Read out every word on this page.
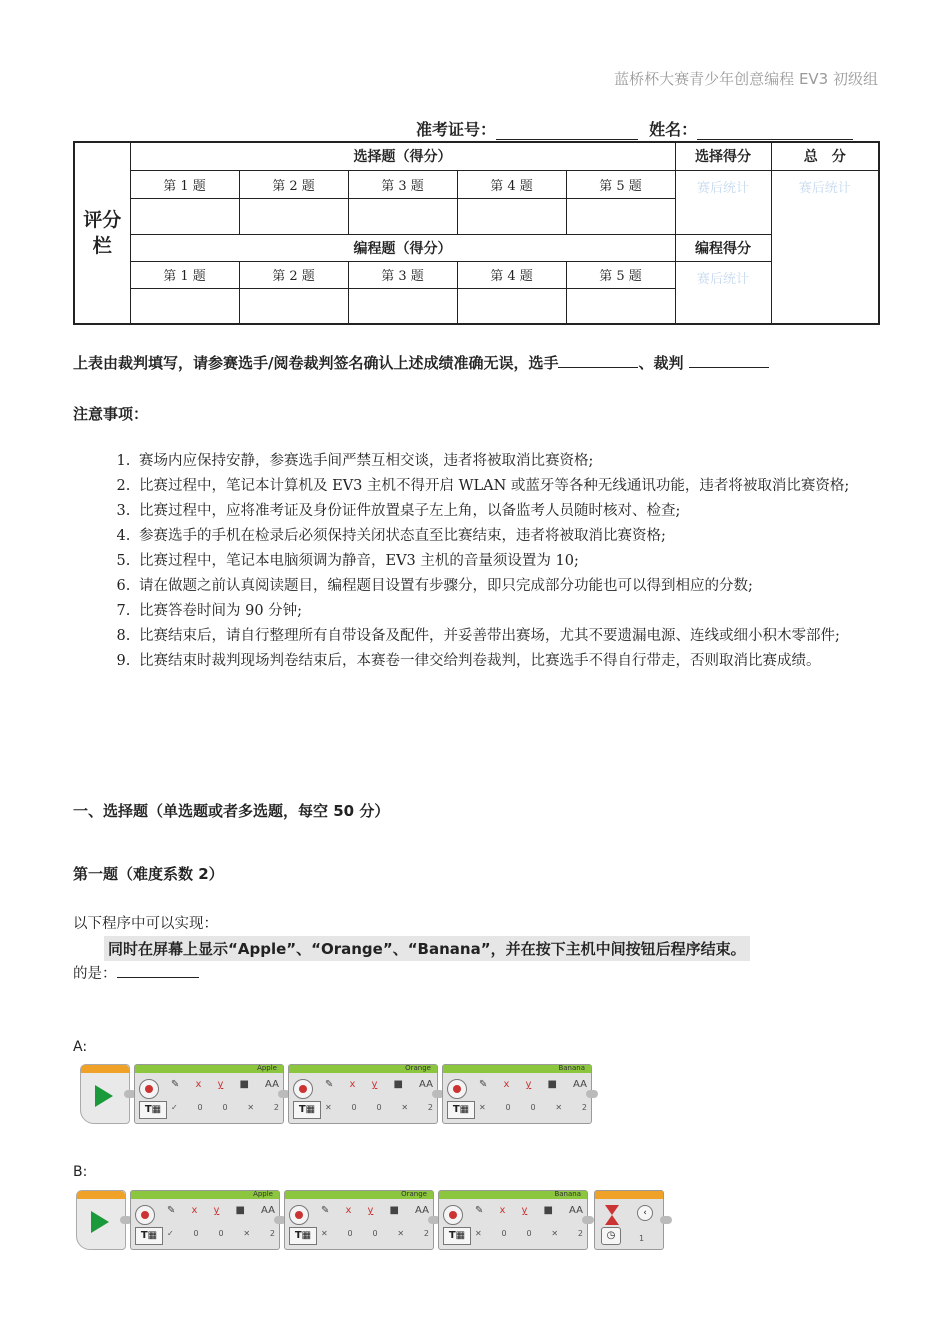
蓝桥杯大赛青少年创意编程 EV3 初级组
准考证号：	姓名：
评分
栏	选择题（得分）					选择得分	总　分
	第 1 题	第 2 题	第 3 题	第 4 题	第 5 题	赛后统计	赛后统计

	编程题（得分）					编程得分	
	第 1 题	第 2 题	第 3 题	第 4 题	第 5 题	赛后统计	

上表由裁判填写，请参赛选手/阅卷裁判签名确认上述成绩准确无误，选手	、裁判
注意事项：
1. 赛场内应保持安静，参赛选手间严禁互相交谈，违者将被取消比赛资格;
2. 比赛过程中，笔记本计算机及 EV3 主机不得开启 WLAN 或蓝牙等各种无线通讯功能，违者将被取消比赛资格;
3. 比赛过程中，应将准考证及身份证件放置桌子左上角，以备监考人员随时核对、检查;
4. 参赛选手的手机在检录后必须保持关闭状态直至比赛结束，违者将被取消比赛资格;
5. 比赛过程中，笔记本电脑须调为静音，EV3 主机的音量须设置为 10;
6. 请在做题之前认真阅读题目，编程题目设置有步骤分，即只完成部分功能也可以得到相应的分数;
7. 比赛答卷时间为 90 分钟;
8. 比赛结束后，请自行整理所有自带设备及配件，并妥善带出赛场，尤其不要遗漏电源、连线或细小积木零部件;
9. 比赛结束时裁判现场判卷结束后，本赛卷一律交给判卷裁判，比赛选手不得自行带走，否则取消比赛成绩。
一、选择题（单选题或者多选题，每空 50 分）
第一题（难度系数 2）
以下程序中可以实现：
同时在屏幕上显示“Apple”、“Orange”、“Banana”，并在按下主机中间按钮后程序结束。
的是：
A:
Apple
✎ x y ■ AA
T▦	✓ 0 0 ✕ 2
Orange
✎ x y ■ AA
T▦	✕ 0 0 ✕ 2
Banana
✎ x y ■ AA
T▦	✕ 0 0 ✕ 2
B:
Apple
✎ x y ■ AA
T▦	✓ 0 0 ✕ 2
Orange
✎ x y ■ AA
T▦	✕ 0 0 ✕ 2
Banana
✎ x y ■ AA
T▦	✕ 0 0 ✕ 2
‹
◷	1
